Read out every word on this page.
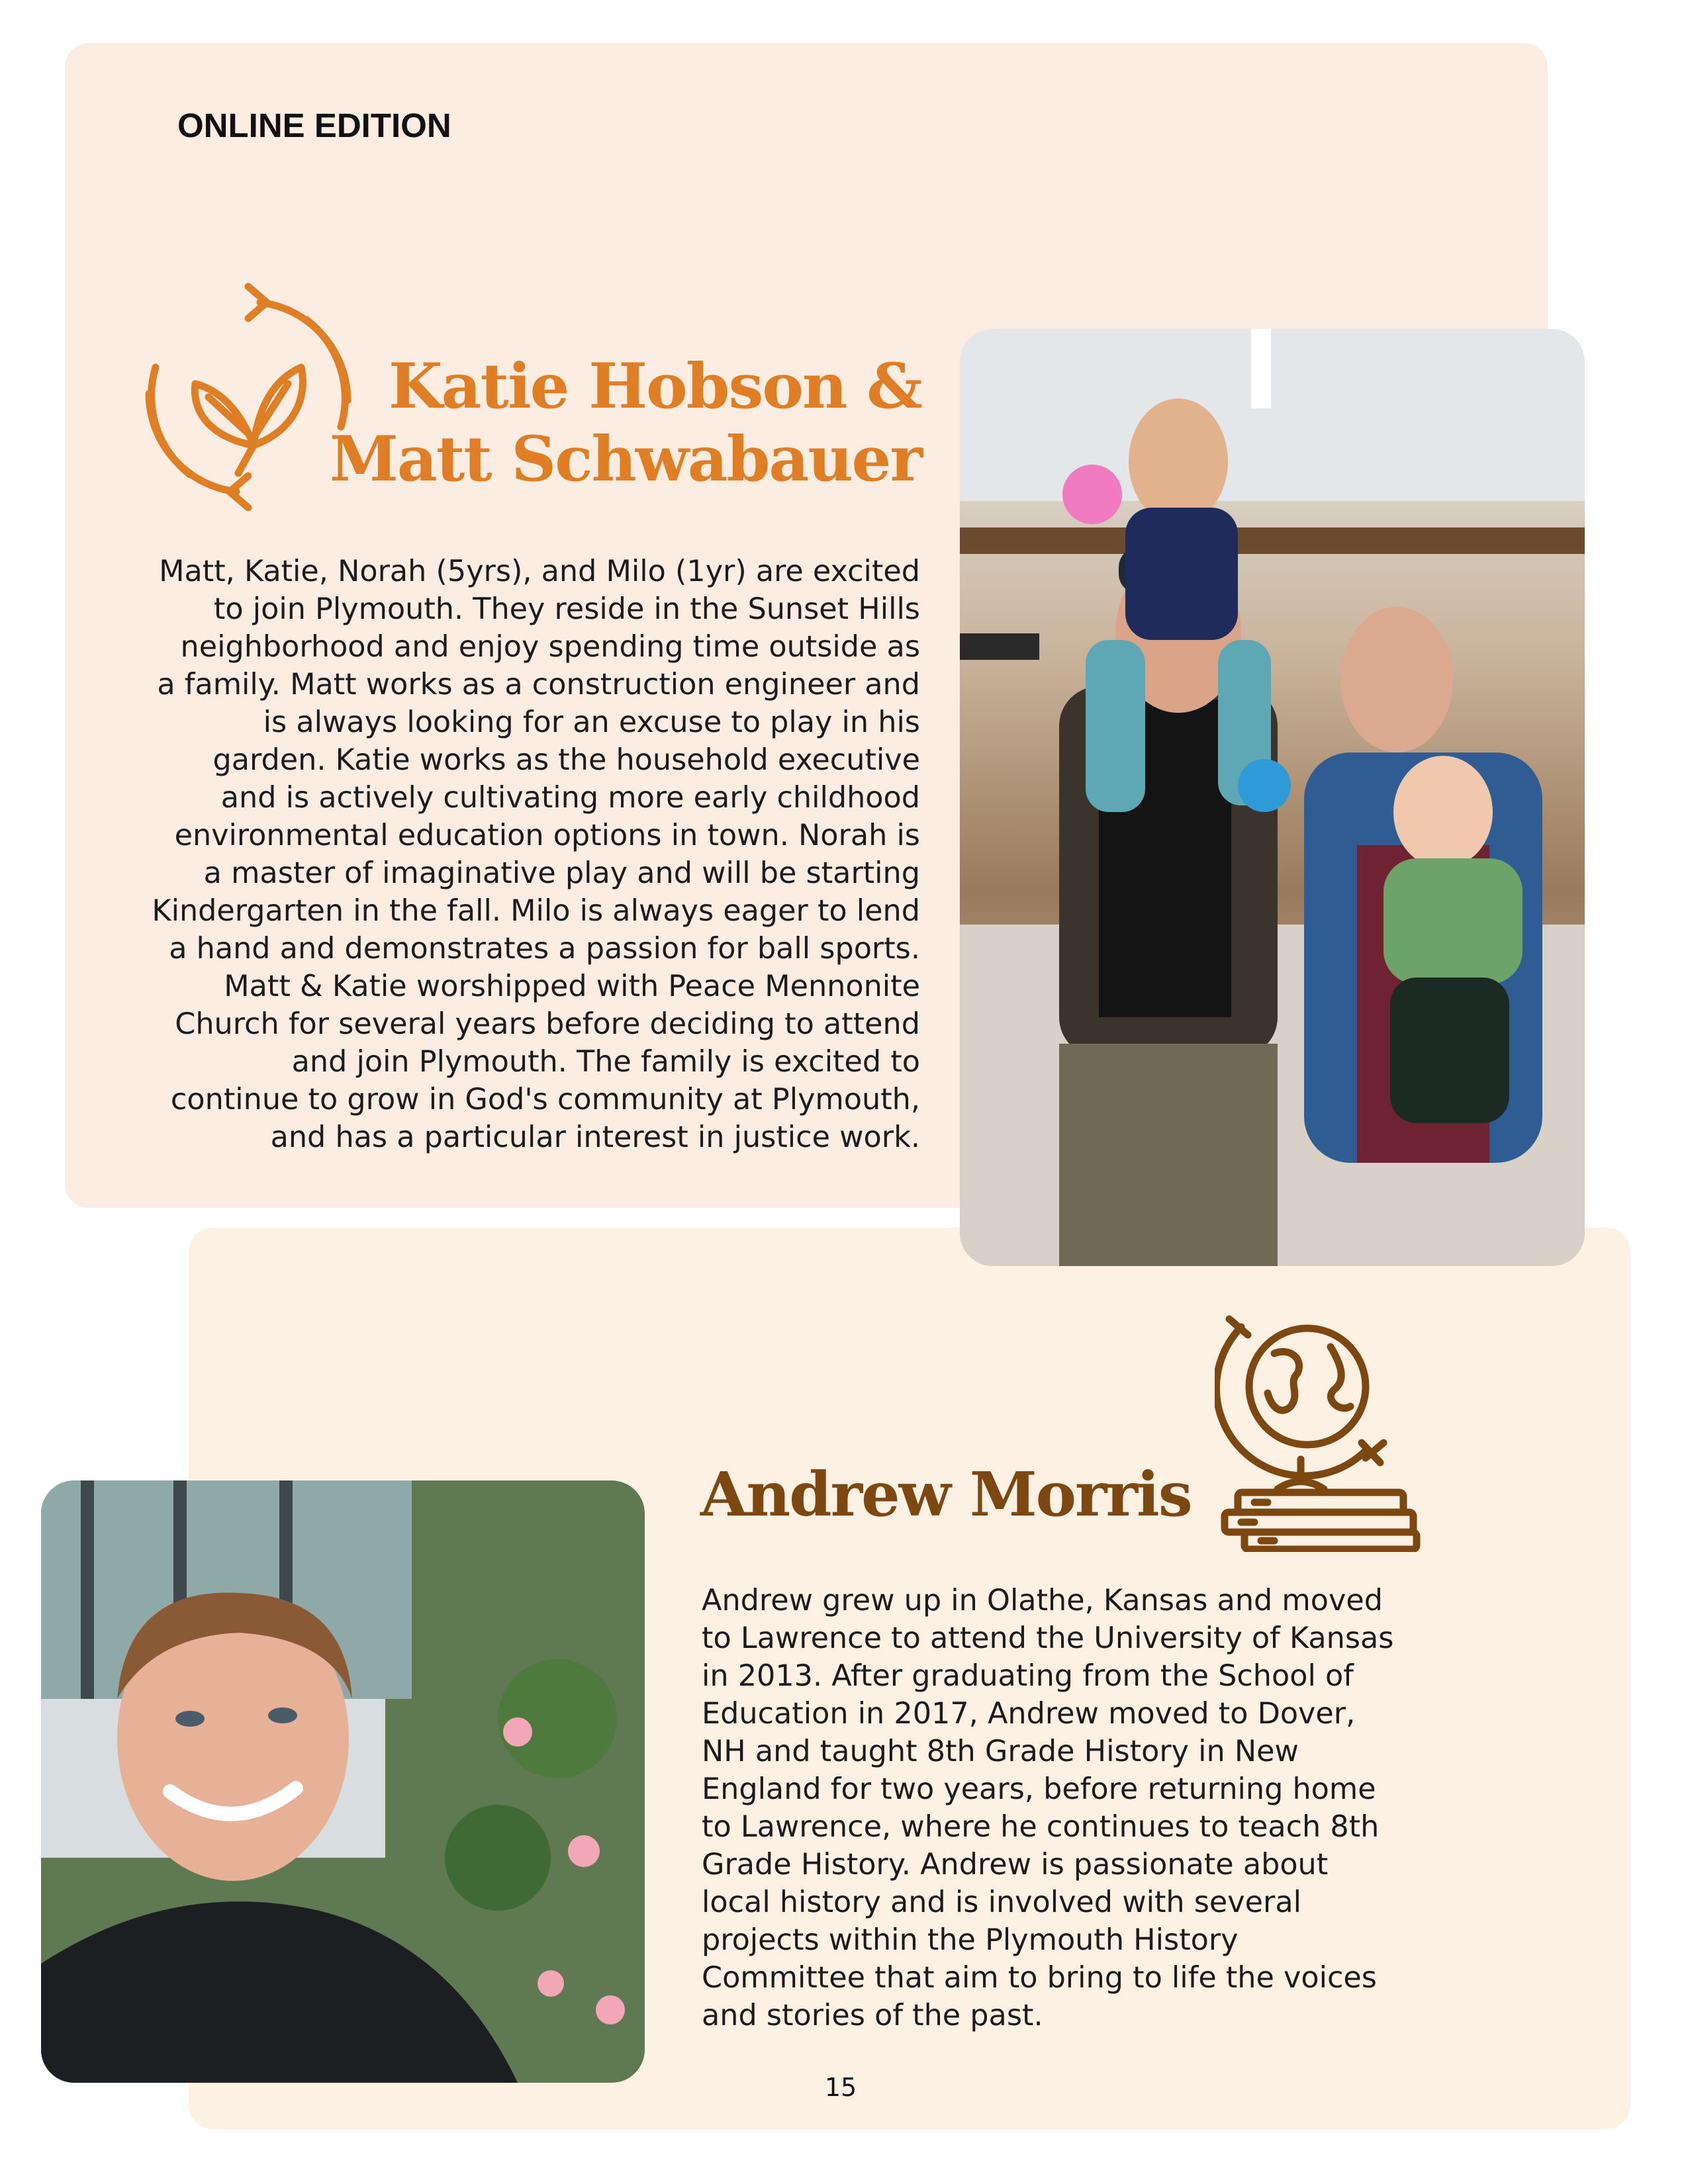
ONLINE EDITION
Katie Hobson &
Matt Schwabauer

Matt, Katie, Norah (5yrs), and Milo (1yr) are excited
to join Plymouth. They reside in the Sunset Hills
neighborhood and enjoy spending time outside as
a family. Matt works as a construction engineer and
is always looking for an excuse to play in his
garden. Katie works as the household executive
and is actively cultivating more early childhood
environmental education options in town. Norah is
a master of imaginative play and will be starting
Kindergarten in the fall. Milo is always eager to lend
a hand and demonstrates a passion for ball sports.
Matt & Katie worshipped with Peace Mennonite
Church for several years before deciding to attend
and join Plymouth. The family is excited to
continue to grow in God's community at Plymouth,
and has a particular interest in justice work.

Andrew Morris

Andrew grew up in Olathe, Kansas and moved
to Lawrence to attend the University of Kansas
in 2013. After graduating from the School of
Education in 2017, Andrew moved to Dover,
NH and taught 8th Grade History in New
England for two years, before returning home
to Lawrence, where he continues to teach 8th
Grade History. Andrew is passionate about
local history and is involved with several
projects within the Plymouth History
Committee that aim to bring to life the voices
and stories of the past.

15
